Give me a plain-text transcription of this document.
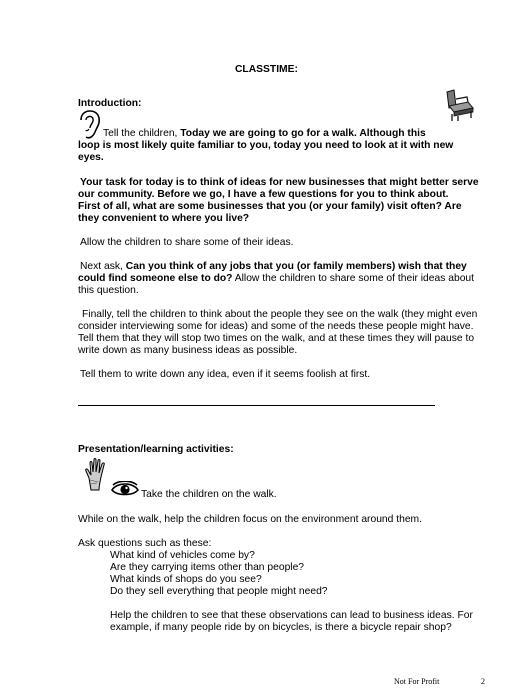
CLASSTIME:
Introduction:
Tell the children, Today we are going to go for a walk. Although this
loop is most likely quite familiar to you, today you need to look at it with new
eyes.
Your task for today is to think of ideas for new businesses that might better serve
our community. Before we go, I have a few questions for you to think about.
First of all, what are some businesses that you (or your family) visit often? Are
they convenient to where you live?
Allow the children to share some of their ideas.
Next ask, Can you think of any jobs that you (or family members) wish that they
could find someone else to do? Allow the children to share some of their ideas about
this question.
Finally, tell the children to think about the people they see on the walk (they might even
consider interviewing some for ideas) and some of the needs these people might have.
Tell them that they will stop two times on the walk, and at these times they will pause to
write down as many business ideas as possible.
Tell them to write down any idea, even if it seems foolish at first.
Presentation/learning activities:
Take the children on the walk.
While on the walk, help the children focus on the environment around them.
Ask questions such as these:
What kind of vehicles come by?
Are they carrying items other than people?
What kinds of shops do you see?
Do they sell everything that people might need?
Help the children to see that these observations can lead to business ideas. For
example, if many people ride by on bicycles, is there a bicycle repair shop?
Not For Profit	2
